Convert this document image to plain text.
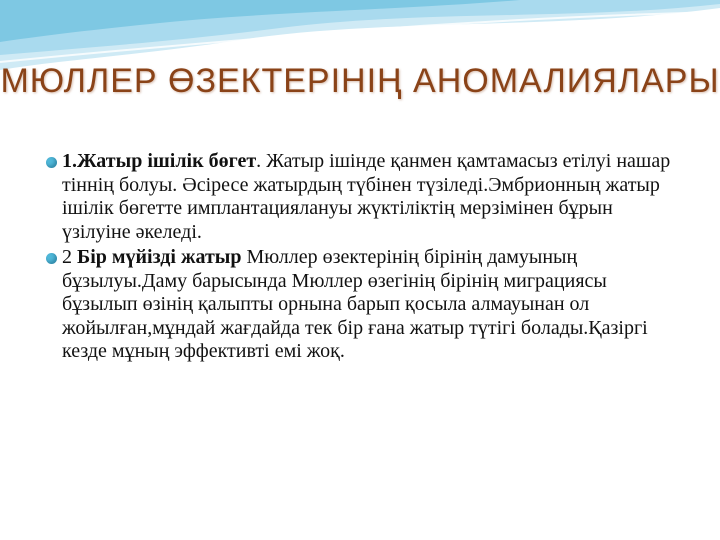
МЮЛЛЕР ӨЗЕКТЕРІНІҢ АНОМАЛИЯЛАРЫ
1.Жатыр ішілік бөгет. Жатыр ішінде қанмен қамтамасыз етілуі нашар тіннің болуы. Әсіресе жатырдың түбінен түзіледі.Эмбрионның жатыр ішілік бөгетте имплантациялануы жүктіліктің мерзімінен бұрын үзілуіне әкеледі.
2 Бір мүйізді жатыр Мюллер өзектерінің бірінің дамуының бұзылуы.Даму барысында Мюллер өзегінің бірінің миграциясы бұзылып өзінің қалыпты орнына барып қосыла алмауынан ол жойылған,мұндай жағдайда тек бір ғана жатыр түтігі болады.Қазіргі кезде мұның эффективті емі жоқ.
